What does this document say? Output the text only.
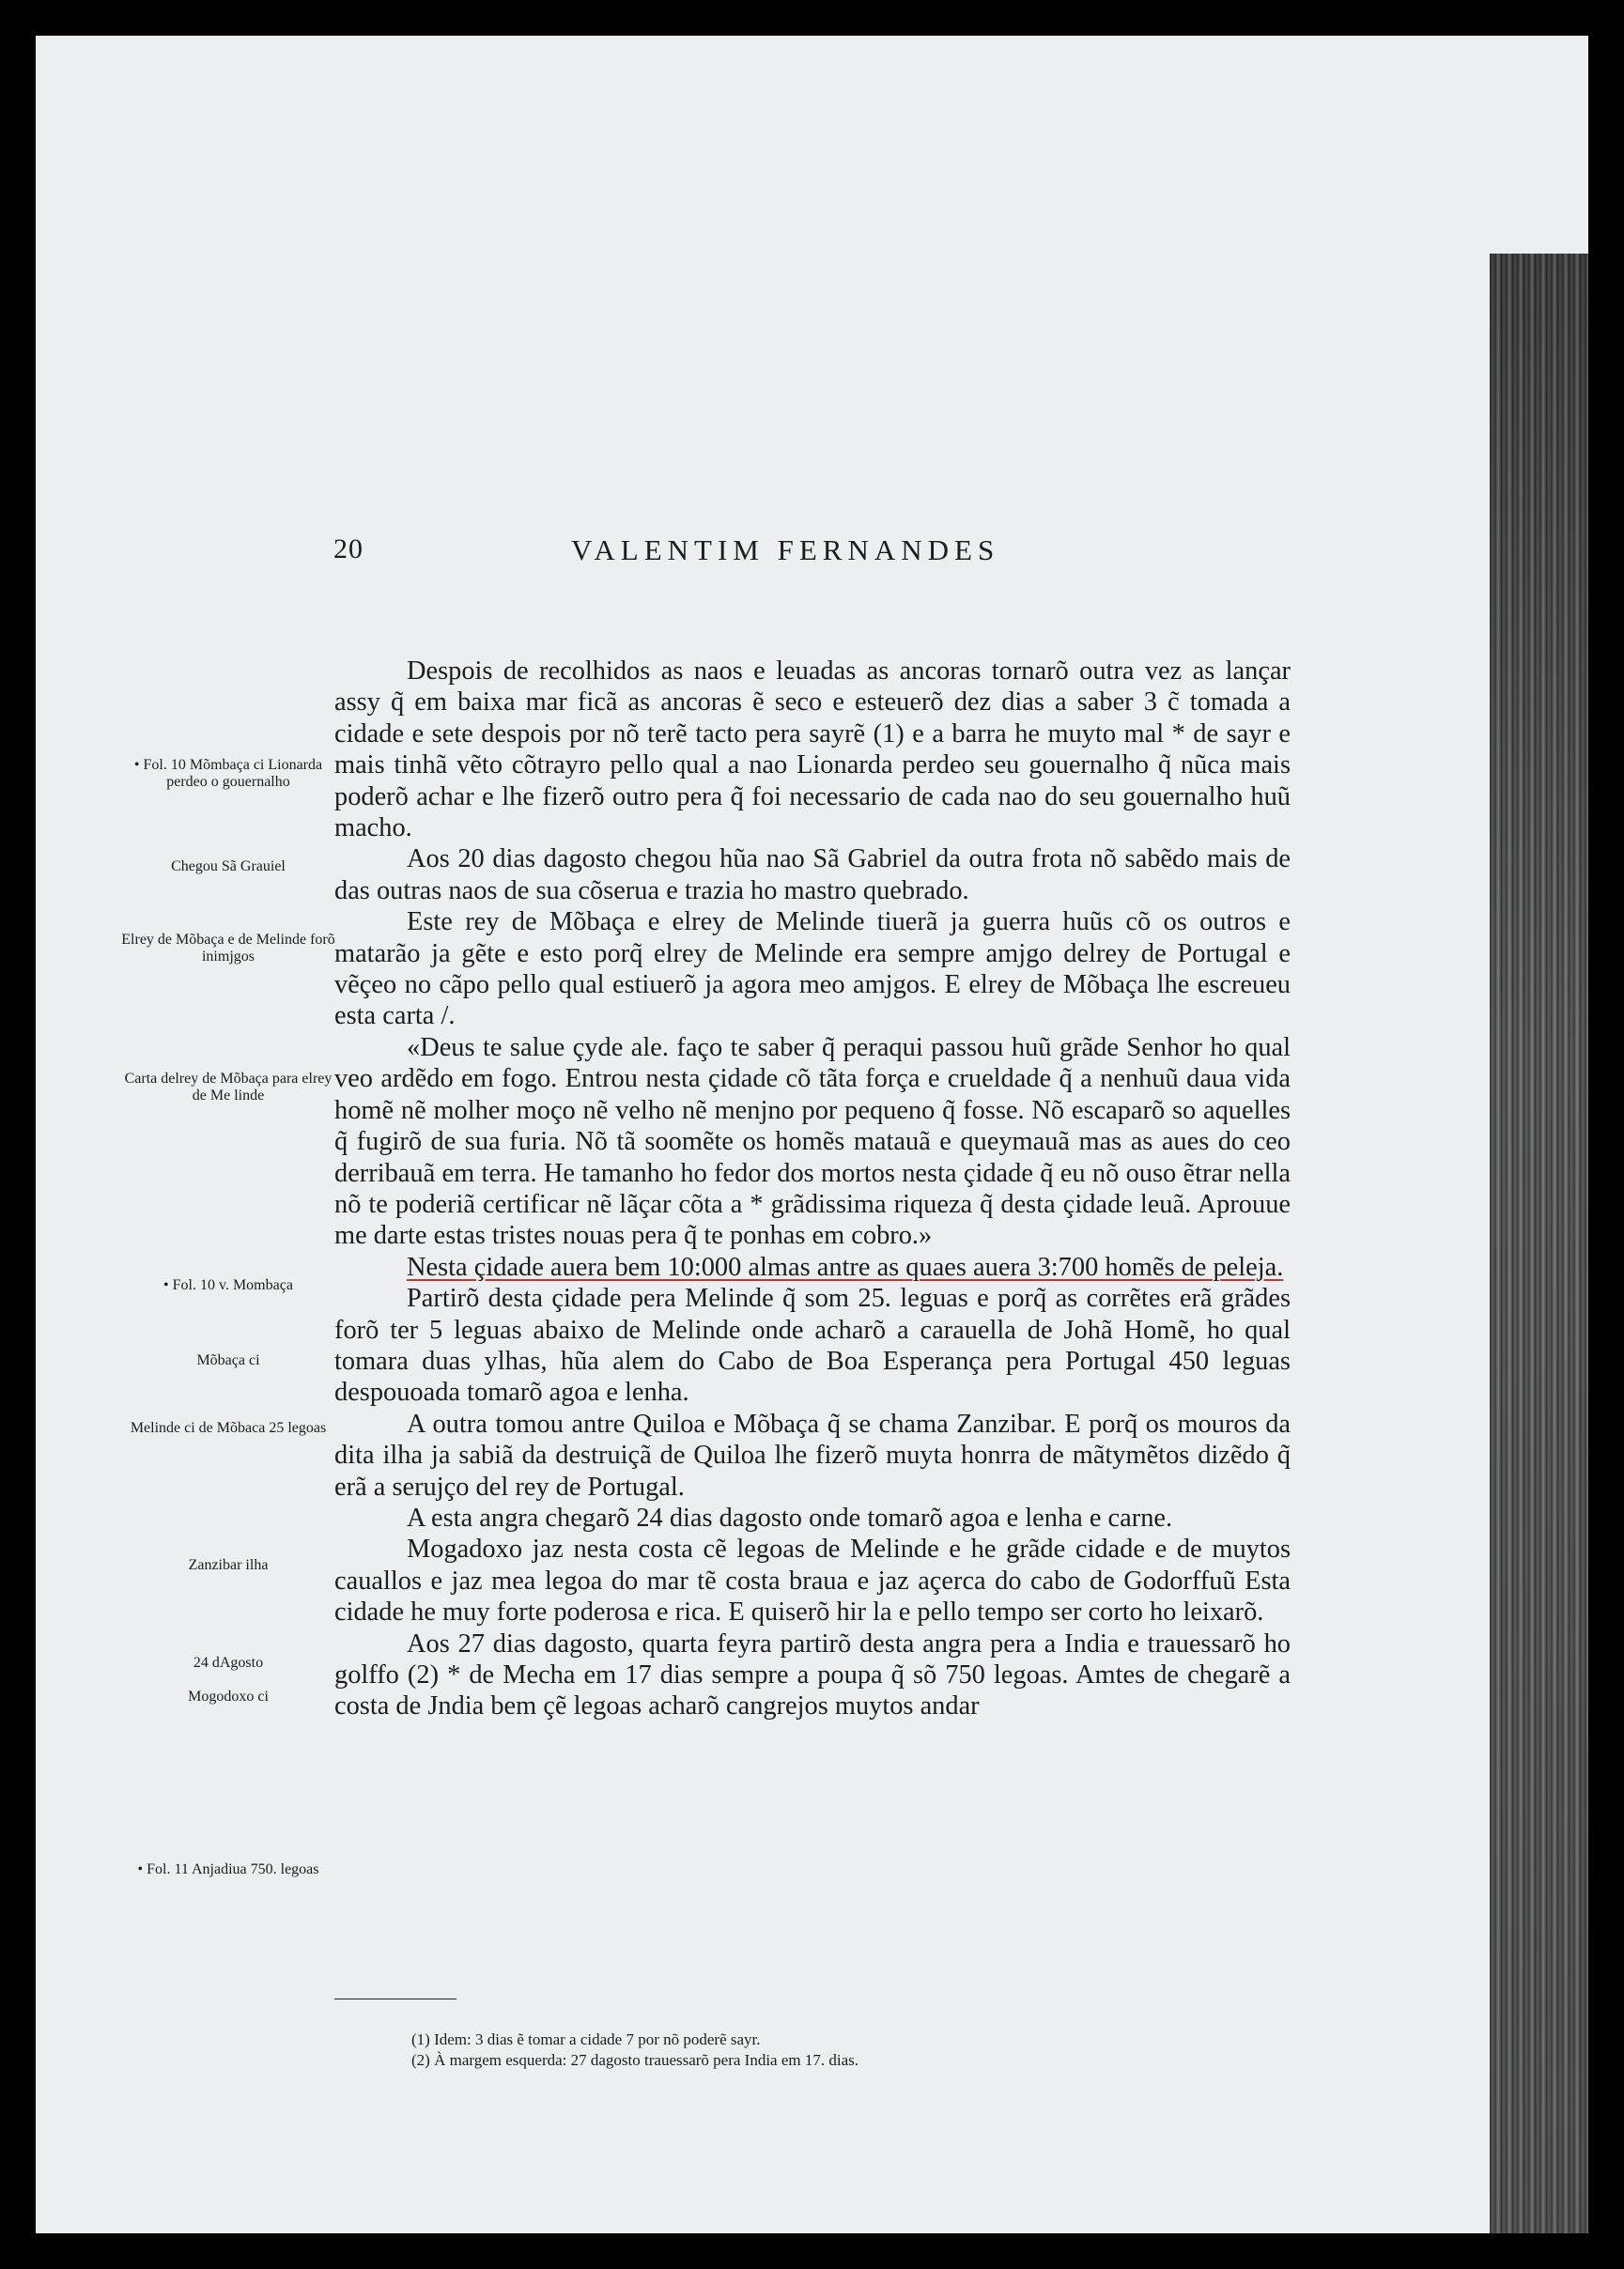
20	VALENTIM FERNANDES

Despois de recolhidos as naos e leuadas as ancoras tornarõ outra vez as lançar assy q̃ em baixa mar ficã as ancoras ẽ seco e esteuerõ dez dias a saber 3 c̃ tomada a cidade e sete despois por nõ terẽ tacto pera sayrẽ (1) e a barra he muyto mal * de sayr e mais tinhã vẽto cõtrayro pello qual a nao Lionarda perdeo seu gouernalho q̃ nũca mais poderõ achar e lhe fizerõ outro pera q̃ foi necessario de cada nao do seu gouernalho huũ macho.

Aos 20 dias dagosto chegou hũa nao Sã Gabriel da outra frota nõ sabẽdo mais de das outras naos de sua cõserua e trazia ho mastro quebrado.

Este rey de Mõbaça e elrey de Melinde tiuerã ja guerra huũs cõ os outros e matarão ja gẽte e esto porq̃ elrey de Melinde era sempre amjgo delrey de Portugal e vẽçeo no cãpo pello qual estiuerõ ja agora meo amjgos. E elrey de Mõbaça lhe escreueu esta carta /.

«Deus te salue çyde ale. faço te saber q̃ peraqui passou huũ grãde Senhor ho qual veo ardẽdo em fogo. Entrou nesta çidade cõ tãta força e crueldade q̃ a nenhuũ daua vida homẽ nẽ molher moço nẽ velho nẽ menjno por pequeno q̃ fosse. Nõ escaparõ so aquelles q̃ fugirõ de sua furia. Nõ tã soomẽte os homẽs matauã e queymauã mas as aues do ceo derribauã em terra. He tamanho ho fedor dos mortos nesta çidade q̃ eu nõ ouso ẽtrar nella nõ te poderiã certificar nẽ lãçar cõta a * grãdissima riqueza q̃ desta çidade leuã. Aprouue me darte estas tristes nouas pera q̃ te ponhas em cobro.»

Nesta çidade auera bem 10:000 almas antre as quaes auera 3:700 homẽs de peleja.

Partirõ desta çidade pera Melinde q̃ som 25. leguas e porq̃ as corrẽtes erã grãdes forõ ter 5 leguas abaixo de Melinde onde acharõ a carauella de Johã Homẽ, ho qual tomara duas ylhas, hũa alem do Cabo de Boa Esperança pera Portugal 450 leguas despouoada tomarõ agoa e lenha.

A outra tomou antre Quiloa e Mõbaça q̃ se chama Zanzibar. E porq̃ os mouros da dita ilha ja sabiã da destruiçã de Quiloa lhe fizerõ muyta honrra de mãtymẽtos dizẽdo q̃ erã a serujço del rey de Portugal.

A esta angra chegarõ 24 dias dagosto onde tomarõ agoa e lenha e carne.

Mogadoxo jaz nesta costa cẽ legoas de Melinde e he grãde cidade e de muytos cauallos e jaz mea legoa do mar tẽ costa braua e jaz açerca do cabo de Godorffuũ Esta cidade he muy forte poderosa e rica. E quiserõ hir la e pello tempo ser corto ho leixarõ.

Aos 27 dias dagosto, quarta feyra partirõ desta angra pera a India e trauessarõ ho golffo (2) * de Mecha em 17 dias sempre a poupa q̃ sõ 750 legoas. Amtes de chegarẽ a costa de Jndia bem çẽ legoas acharõ cangrejos muytos andar

• Fol. 10 Mõmbaça ci Lionarda perdeo o gouernalho
Chegou Sã Grauiel
Elrey de Mõbaça e de Melinde forõ inimjgos
Carta delrey de Mõbaça para elrey de Me linde
• Fol. 10 v. Mombaça
Mõbaça ci
Melinde ci de Mõbaca 25 legoas
Zanzibar ilha
24 dAgosto
Mogodoxo ci
• Fol. 11 Anjadiua 750. legoas
(1) Idem: 3 dias ẽ tomar a cidade 7 por nõ poderẽ sayr.
(2) À margem esquerda: 27 dagosto trauessarõ pera India em 17. dias.
